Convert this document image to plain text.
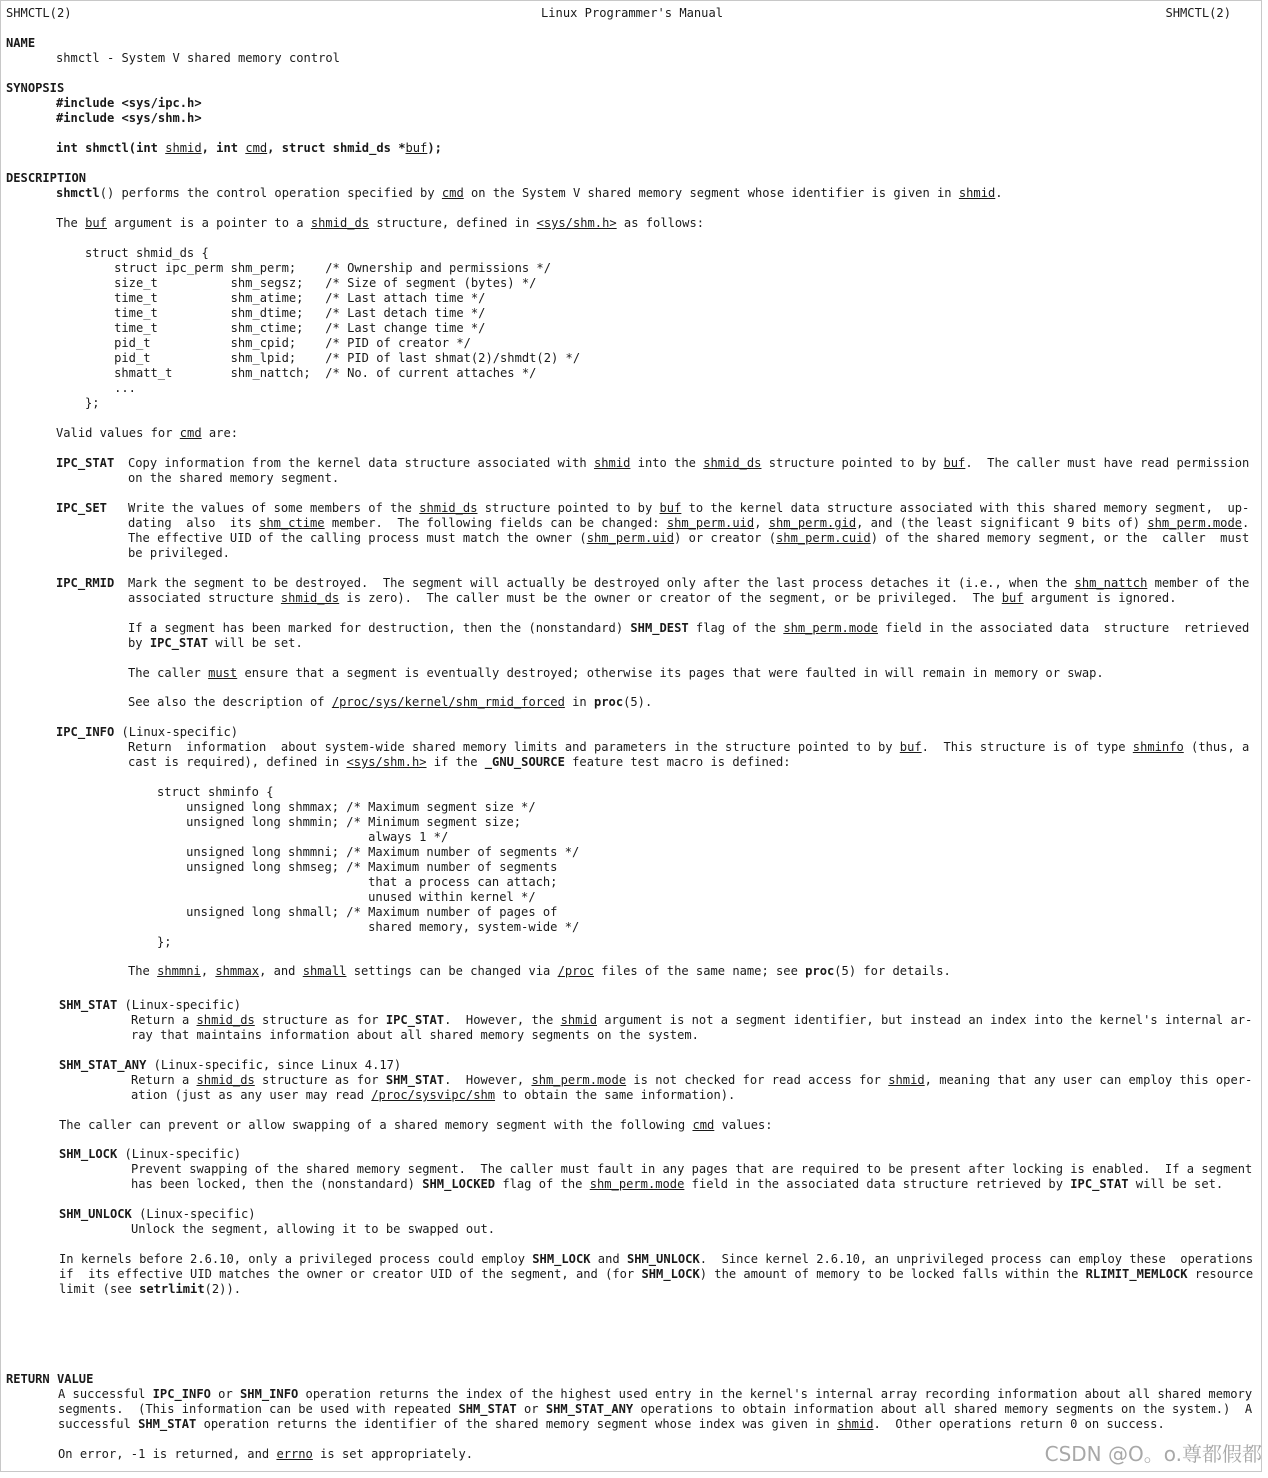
SHMCTL(2)	Linux Programmer's Manual	SHMCTL(2)
NAME
shmctl - System V shared memory control
SYNOPSIS
#include <sys/ipc.h>
#include <sys/shm.h>
int shmctl(int shmid, int cmd, struct shmid_ds *buf);
DESCRIPTION
shmctl() performs the control operation specified by cmd on the System V shared memory segment whose identifier is given in shmid.
The buf argument is a pointer to a shmid_ds structure, defined in <sys/shm.h> as follows:
struct shmid_ds {
struct ipc_perm shm_perm;    /* Ownership and permissions */
size_t          shm_segsz;   /* Size of segment (bytes) */
time_t          shm_atime;   /* Last attach time */
time_t          shm_dtime;   /* Last detach time */
time_t          shm_ctime;   /* Last change time */
pid_t           shm_cpid;    /* PID of creator */
pid_t           shm_lpid;    /* PID of last shmat(2)/shmdt(2) */
shmatt_t        shm_nattch;  /* No. of current attaches */
...
};
Valid values for cmd are:
IPC_STAT Copy information from the kernel data structure associated with shmid into the shmid_ds structure pointed to by buf.  The caller must have read permission
on the shared memory segment.
IPC_SET Write the values of some members of the shmid_ds structure pointed to by buf to the kernel data structure associated with this shared memory segment,  up-
dating  also  its shm_ctime member.  The following fields can be changed: shm_perm.uid, shm_perm.gid, and (the least significant 9 bits of) shm_perm.mode.
The effective UID of the calling process must match the owner (shm_perm.uid) or creator (shm_perm.cuid) of the shared memory segment, or the  caller  must
be privileged.
IPC_RMID Mark the segment to be destroyed.  The segment will actually be destroyed only after the last process detaches it (i.e., when the shm_nattch member of the
associated structure shmid_ds is zero).  The caller must be the owner or creator of the segment, or be privileged.  The buf argument is ignored.
If a segment has been marked for destruction, then the (nonstandard) SHM_DEST flag of the shm_perm.mode field in the associated data  structure  retrieved
by IPC_STAT will be set.
The caller must ensure that a segment is eventually destroyed; otherwise its pages that were faulted in will remain in memory or swap.
See also the description of /proc/sys/kernel/shm_rmid_forced in proc(5).
IPC_INFO (Linux-specific)
Return  information  about system-wide shared memory limits and parameters in the structure pointed to by buf.  This structure is of type shminfo (thus, a
cast is required), defined in <sys/shm.h> if the _GNU_SOURCE feature test macro is defined:
struct shminfo {
unsigned long shmmax; /* Maximum segment size */
unsigned long shmmin; /* Minimum segment size;
always 1 */
unsigned long shmmni; /* Maximum number of segments */
unsigned long shmseg; /* Maximum number of segments
that a process can attach;
unused within kernel */
unsigned long shmall; /* Maximum number of pages of
shared memory, system-wide */
};
The shmmni, shmmax, and shmall settings can be changed via /proc files of the same name; see proc(5) for details.
SHM_STAT (Linux-specific)
Return a shmid_ds structure as for IPC_STAT.  However, the shmid argument is not a segment identifier, but instead an index into the kernel's internal ar-
ray that maintains information about all shared memory segments on the system.
SHM_STAT_ANY (Linux-specific, since Linux 4.17)
Return a shmid_ds structure as for SHM_STAT.  However, shm_perm.mode is not checked for read access for shmid, meaning that any user can employ this oper-
ation (just as any user may read /proc/sysvipc/shm to obtain the same information).
The caller can prevent or allow swapping of a shared memory segment with the following cmd values:
SHM_LOCK (Linux-specific)
Prevent swapping of the shared memory segment.  The caller must fault in any pages that are required to be present after locking is enabled.  If a segment
has been locked, then the (nonstandard) SHM_LOCKED flag of the shm_perm.mode field in the associated data structure retrieved by IPC_STAT will be set.
SHM_UNLOCK (Linux-specific)
Unlock the segment, allowing it to be swapped out.
In kernels before 2.6.10, only a privileged process could employ SHM_LOCK and SHM_UNLOCK.  Since kernel 2.6.10, an unprivileged process can employ these  operations
if  its effective UID matches the owner or creator UID of the segment, and (for SHM_LOCK) the amount of memory to be locked falls within the RLIMIT_MEMLOCK resource
limit (see setrlimit(2)).
RETURN VALUE
A successful IPC_INFO or SHM_INFO operation returns the index of the highest used entry in the kernel's internal array recording information about all shared memory
segments.  (This information can be used with repeated SHM_STAT or SHM_STAT_ANY operations to obtain information about all shared memory segments on the system.)  A
successful SHM_STAT operation returns the identifier of the shared memory segment whose index was given in shmid.  Other operations return 0 on success.
On error, -1 is returned, and errno is set appropriately.	CSDN @O。o.尊都假都
